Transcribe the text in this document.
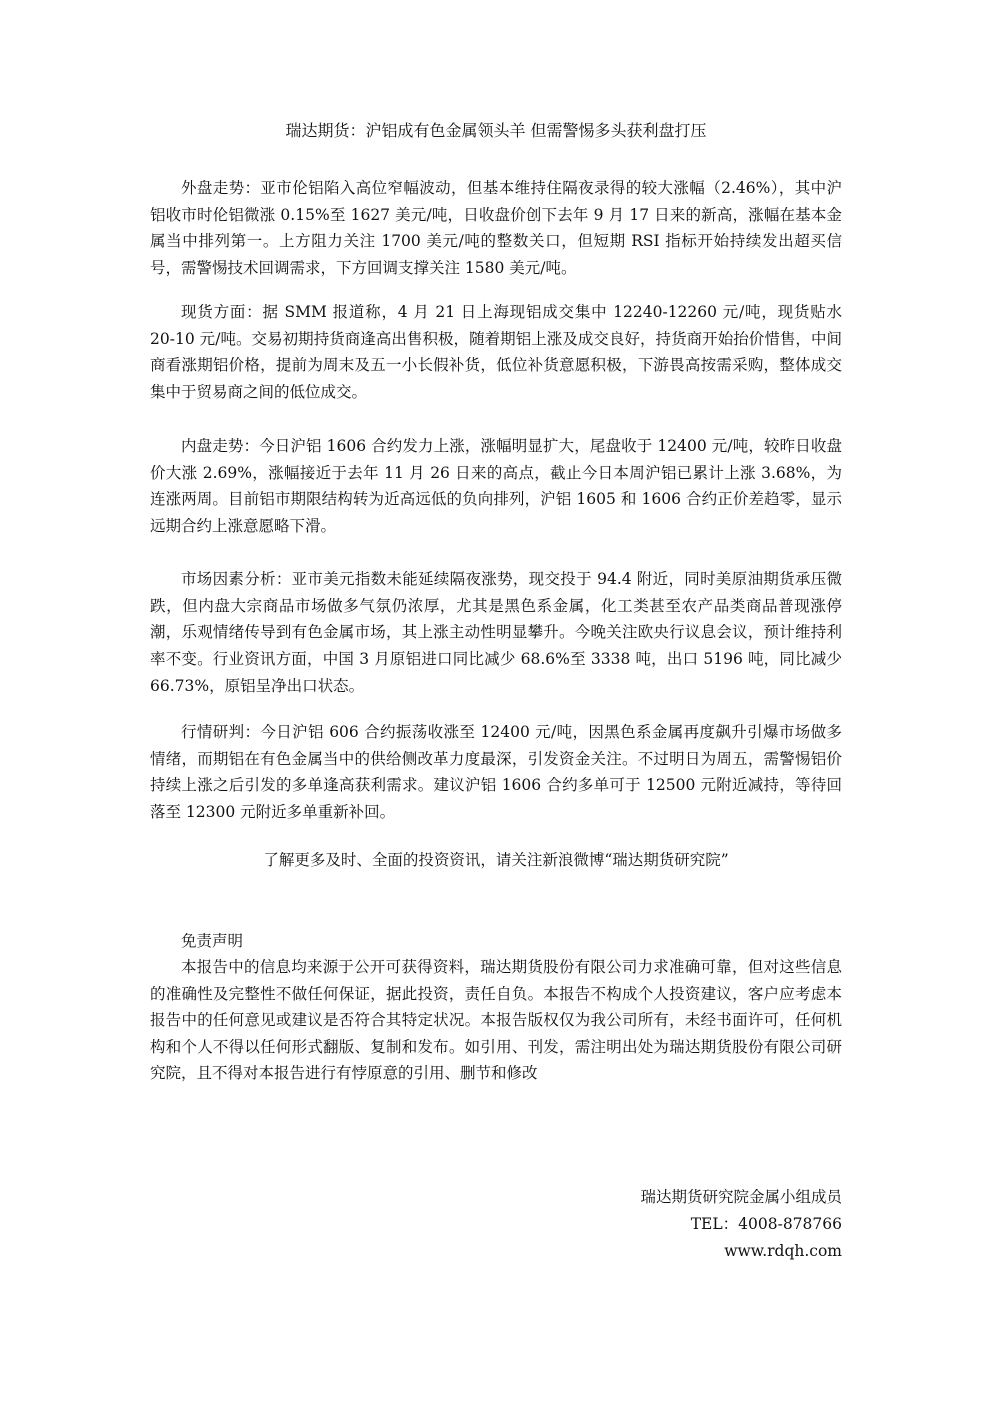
瑞达期货：沪铝成有色金属领头羊 但需警惕多头获利盘打压

外盘走势：亚市伦铝陷入高位窄幅波动，但基本维持住隔夜录得的较大涨幅（2.46%），其中沪铝收市时伦铝微涨 0.15%至 1627 美元/吨，日收盘价创下去年 9 月 17 日来的新高，涨幅在基本金属当中排列第一。上方阻力关注 1700 美元/吨的整数关口，但短期 RSI 指标开始持续发出超买信号，需警惕技术回调需求，下方回调支撑关注 1580 美元/吨。

现货方面：据 SMM 报道称，4 月 21 日上海现铝成交集中 12240-12260 元/吨，现货贴水 20-10 元/吨。交易初期持货商逢高出售积极，随着期铝上涨及成交良好，持货商开始抬价惜售，中间商看涨期铝价格，提前为周末及五一小长假补货，低位补货意愿积极，下游畏高按需采购，整体成交集中于贸易商之间的低位成交。

内盘走势：今日沪铝 1606 合约发力上涨，涨幅明显扩大，尾盘收于 12400 元/吨，较昨日收盘价大涨 2.69%，涨幅接近于去年 11 月 26 日来的高点，截止今日本周沪铝已累计上涨 3.68%，为连涨两周。目前铝市期限结构转为近高远低的负向排列，沪铝 1605 和 1606 合约正价差趋零，显示远期合约上涨意愿略下滑。

市场因素分析：亚市美元指数未能延续隔夜涨势，现交投于 94.4 附近，同时美原油期货承压微跌，但内盘大宗商品市场做多气氛仍浓厚，尤其是黑色系金属，化工类甚至农产品类商品普现涨停潮，乐观情绪传导到有色金属市场，其上涨主动性明显攀升。今晚关注欧央行议息会议，预计维持利率不变。行业资讯方面，中国 3 月原铝进口同比减少 68.6%至 3338 吨，出口 5196 吨，同比减少 66.73%，原铝呈净出口状态。

行情研判：今日沪铝 606 合约振荡收涨至 12400 元/吨，因黑色系金属再度飙升引爆市场做多情绪，而期铝在有色金属当中的供给侧改革力度最深，引发资金关注。不过明日为周五，需警惕铝价持续上涨之后引发的多单逢高获利需求。建议沪铝 1606 合约多单可于 12500 元附近减持，等待回落至 12300 元附近多单重新补回。

了解更多及时、全面的投资资讯，请关注新浪微博“瑞达期货研究院”

免责声明

本报告中的信息均来源于公开可获得资料，瑞达期货股份有限公司力求准确可靠，但对这些信息的准确性及完整性不做任何保证，据此投资，责任自负。本报告不构成个人投资建议，客户应考虑本报告中的任何意见或建议是否符合其特定状况。本报告版权仅为我公司所有，未经书面许可，任何机构和个人不得以任何形式翻版、复制和发布。如引用、刊发，需注明出处为瑞达期货股份有限公司研究院，且不得对本报告进行有悖原意的引用、删节和修改

瑞达期货研究院金属小组成员
TEL：4008-878766
www.rdqh.com
